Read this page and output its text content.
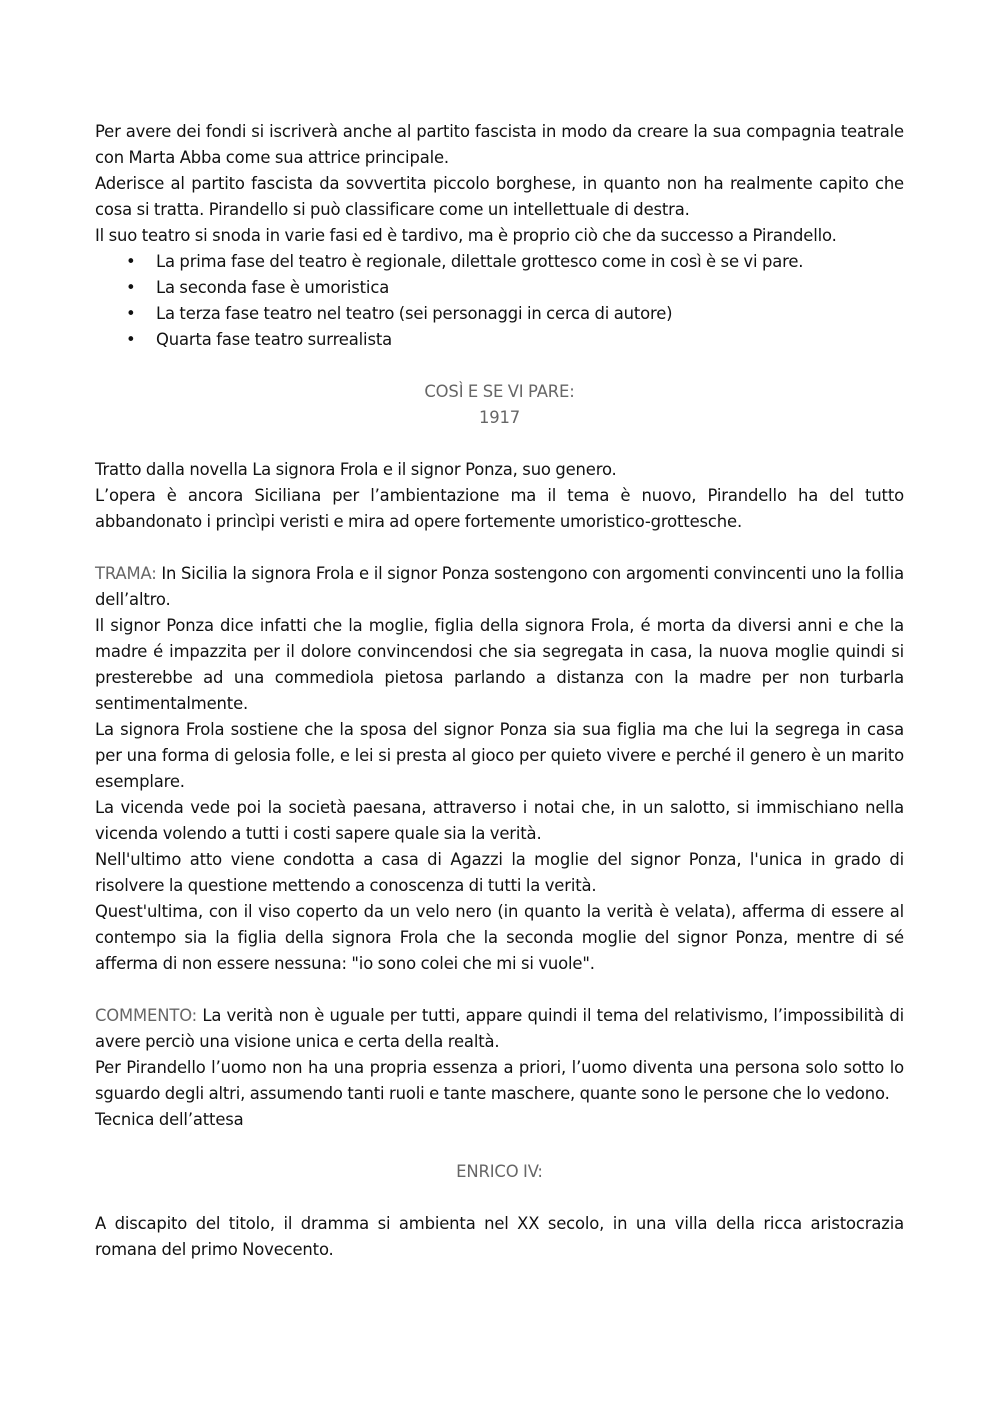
Per avere dei fondi si iscriverà anche al partito fascista in modo da creare la sua compagnia teatrale con Marta Abba come sua attrice principale.

Aderisce al partito fascista da sovvertita piccolo borghese, in quanto non ha realmente capito che cosa si tratta. Pirandello si può classificare come un intellettuale di destra.

Il suo teatro si snoda in varie fasi ed è tardivo, ma è proprio ciò che da successo a Pirandello.

• La prima fase del teatro è regionale, dilettale grottesco come in così è se vi pare.
• La seconda fase è umoristica
• La terza fase teatro nel teatro (sei personaggi in cerca di autore)
• Quarta fase teatro surrealista
COSÌ E SE VI PARE:
1917

Tratto dalla novella La signora Frola e il signor Ponza, suo genero.

L’opera è ancora Siciliana per l’ambientazione ma il tema è nuovo, Pirandello ha del tutto abbandonato i princìpi veristi e mira ad opere fortemente umoristico-grottesche.

TRAMA: In Sicilia la signora Frola e il signor Ponza sostengono con argomenti convincenti uno la follia dell’altro.

Il signor Ponza dice infatti che la moglie, figlia della signora Frola, é morta da diversi anni e che la madre é impazzita per il dolore convincendosi che sia segregata in casa, la nuova moglie quindi si presterebbe ad una commediola pietosa parlando a distanza con la madre per non turbarla sentimentalmente.

La signora Frola sostiene che la sposa del signor Ponza sia sua figlia ma che lui la segrega in casa per una forma di gelosia folle, e lei si presta al gioco per quieto vivere e perché il genero è un marito esemplare.

La vicenda vede poi la società paesana, attraverso i notai che, in un salotto, si immischiano nella vicenda volendo a tutti i costi sapere quale sia la verità.

Nell'ultimo atto viene condotta a casa di Agazzi la moglie del signor Ponza, l'unica in grado di risolvere la questione mettendo a conoscenza di tutti la verità.

Quest'ultima, con il viso coperto da un velo nero (in quanto la verità è velata), afferma di essere al contempo sia la figlia della signora Frola che la seconda moglie del signor Ponza, mentre di sé afferma di non essere nessuna: "io sono colei che mi si vuole".

COMMENTO: La verità non è uguale per tutti, appare quindi il tema del relativismo, l’impossibilità di avere perciò una visione unica e certa della realtà.

Per Pirandello l’uomo non ha una propria essenza a priori, l’uomo diventa una persona solo sotto lo sguardo degli altri, assumendo tanti ruoli e tante maschere, quante sono le persone che lo vedono.

Tecnica dell’attesa

ENRICO IV:

A discapito del titolo, il dramma si ambienta nel XX secolo, in una villa della ricca aristocrazia romana del primo Novecento.
